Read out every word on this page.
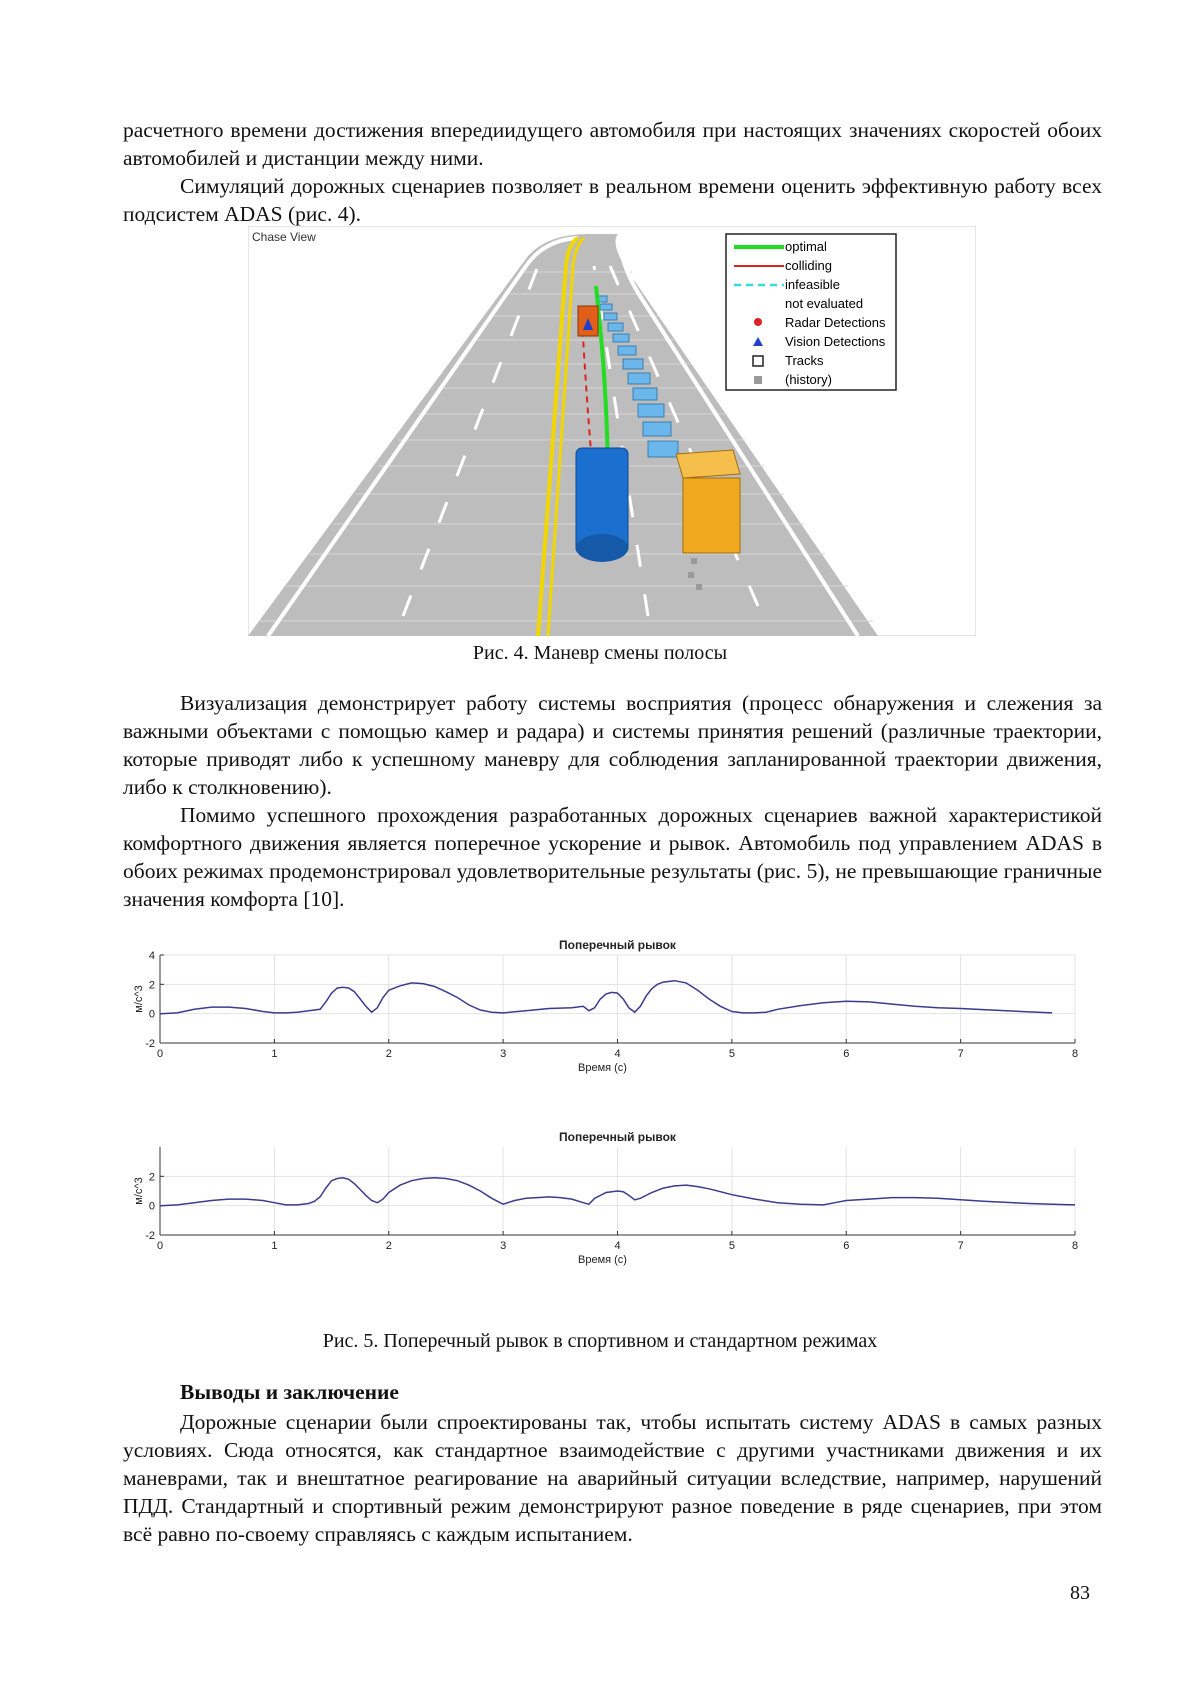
расчетного времени достижения впередиидущего автомобиля при настоящих значениях скоростей обоих автомобилей и дистанции между ними.

Симуляций дорожных сценариев позволяет в реальном времени оценить эффективную работу всех подсистем ADAS (рис. 4).

Chase View
optimal
colliding
infeasible
not evaluated
Radar Detections
Vision Detections
Tracks
(history)
Рис. 4. Маневр смены полосы

Визуализация демонстрирует работу системы восприятия (процесс обнаружения и слежения за важными объектами с помощью камер и радара) и системы принятия решений (различные траектории, которые приводят либо к успешному маневру для соблюдения запланированной траектории движения, либо к столкновению).

Помимо успешного прохождения разработанных дорожных сценариев важной характеристикой комфортного движения является поперечное ускорение и рывок. Автомобиль под управлением ADAS в обоих режимах продемонстрировал удовлетворительные результаты (рис. 5), не превышающие граничные значения комфорта [10].

Поперечный рывок
0	1	2	3	4	5	6	7	8
-2
0
2
4
Время (с)
м/с^3
Поперечный рывок
0	1	2	3	4	5	6	7	8
-2
0
2
Время (с)
м/с^3
Рис. 5. Поперечный рывок в спортивном и стандартном режимах
Выводы и заключение

Дорожные сценарии были спроектированы так, чтобы испытать систему ADAS в самых разных условиях. Сюда относятся, как стандартное взаимодействие с другими участниками движения и их маневрами, так и внештатное реагирование на аварийный ситуации вследствие, например, нарушений ПДД. Стандартный и спортивный режим демонстрируют разное поведение в ряде сценариев, при этом всё равно по-своему справляясь с каждым испытанием.

83
